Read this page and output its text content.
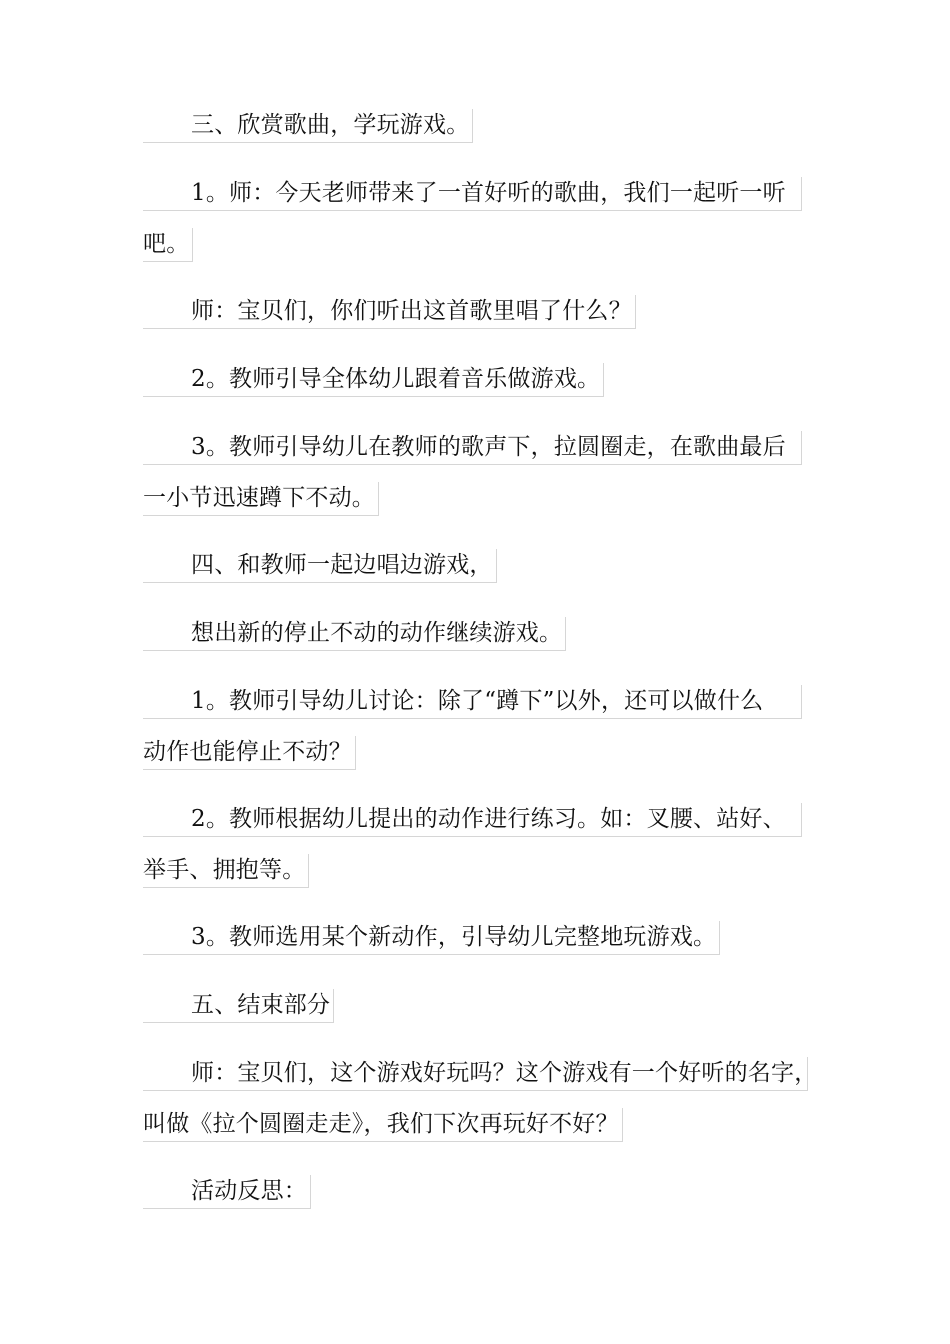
三、欣赏歌曲，学玩游戏。
1。师：今天老师带来了一首好听的歌曲，我们一起听一听
吧。
师：宝贝们，你们听出这首歌里唱了什么？
2。教师引导全体幼儿跟着音乐做游戏。
3。教师引导幼儿在教师的歌声下，拉圆圈走，在歌曲最后
一小节迅速蹲下不动。
四、和教师一起边唱边游戏，
想出新的停止不动的动作继续游戏。
1。教师引导幼儿讨论：除了“蹲下”以外，还可以做什么
动作也能停止不动？
2。教师根据幼儿提出的动作进行练习。如：叉腰、站好、
举手、拥抱等。
3。教师选用某个新动作，引导幼儿完整地玩游戏。
五、结束部分
师：宝贝们，这个游戏好玩吗？这个游戏有一个好听的名字，
叫做《拉个圆圈走走》，我们下次再玩好不好？
活动反思：
